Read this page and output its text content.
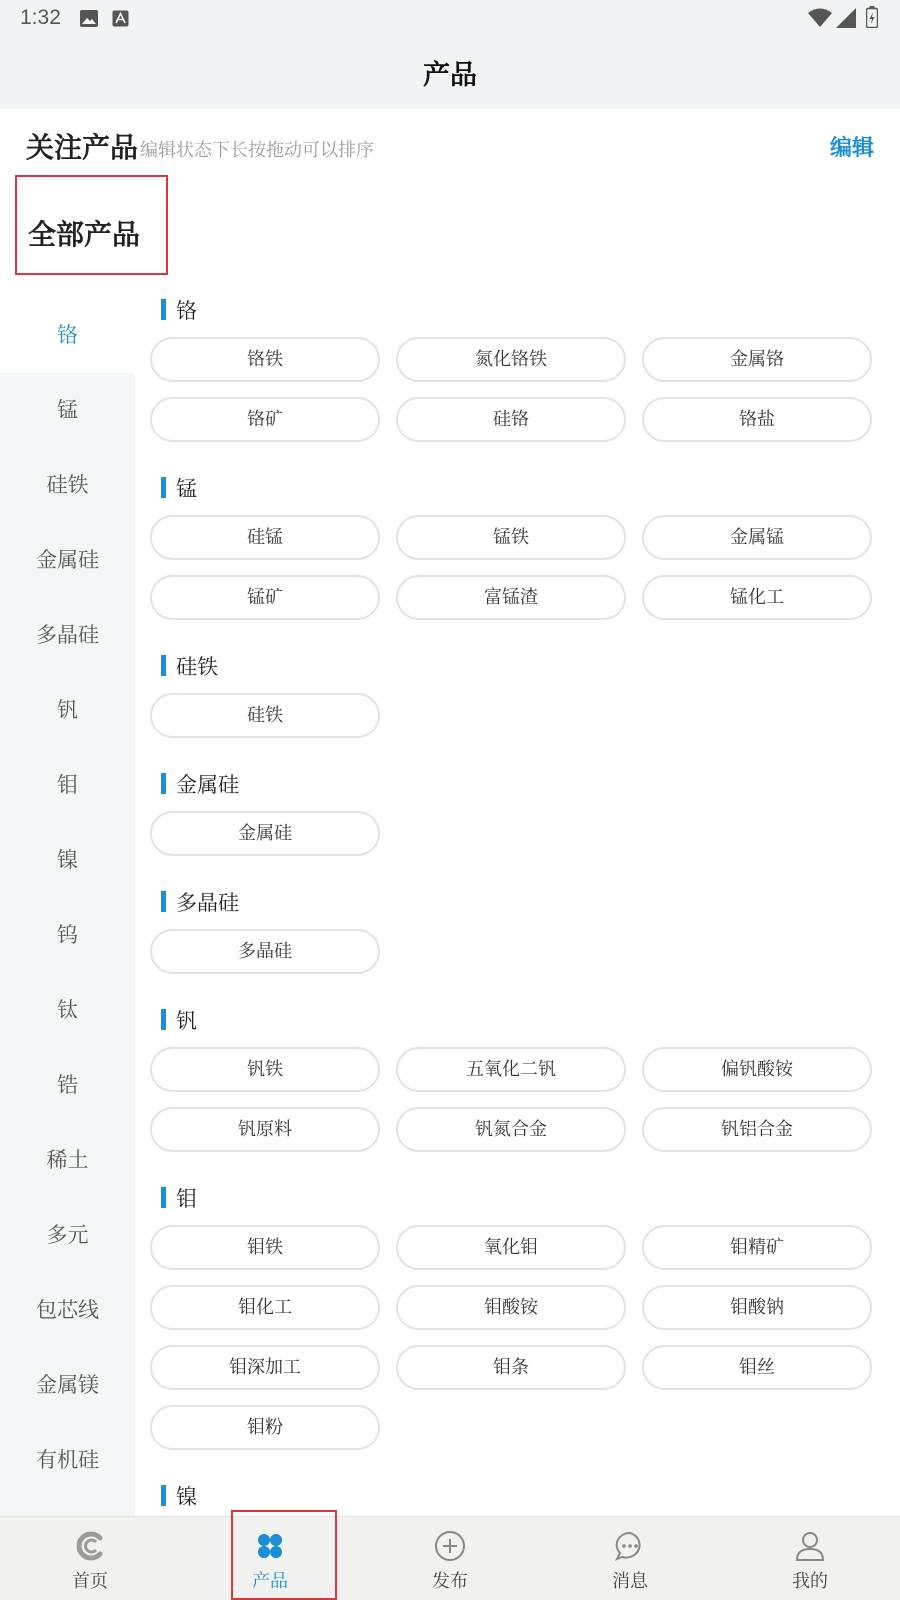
1:32
产品
关注产品 编辑状态下长按拖动可以排序	编辑
全部产品
铬
锰
硅铁
金属硅
多晶硅
钒
钼
镍
钨
钛
锆
稀土
多元
包芯线
金属镁
有机硅
铬
铬铁	氮化铬铁	金属铬
铬矿	硅铬	铬盐
锰
硅锰	锰铁	金属锰
锰矿	富锰渣	锰化工
硅铁
硅铁
金属硅
金属硅
多晶硅
多晶硅
钒
钒铁	五氧化二钒	偏钒酸铵
钒原料	钒氮合金	钒铝合金
钼
钼铁	氧化钼	钼精矿
钼化工	钼酸铵	钼酸钠
钼深加工	钼条	钼丝
钼粉
镍
首页	产品	发布	消息	我的
